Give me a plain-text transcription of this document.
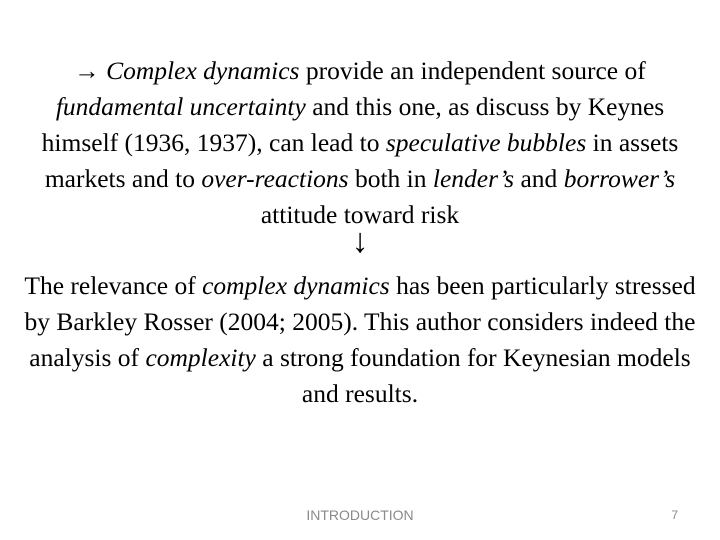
→ Complex dynamics provide an independent source of fundamental uncertainty and this one, as discuss by Keynes himself (1936, 1937), can lead to speculative bubbles in assets markets and to over-reactions both in lender’s and borrower’s attitude toward risk

↓

The relevance of complex dynamics has been particularly stressed by Barkley Rosser (2004; 2005). This author considers indeed the analysis of complexity a strong foundation for Keynesian models and results.

INTRODUCTION	7
